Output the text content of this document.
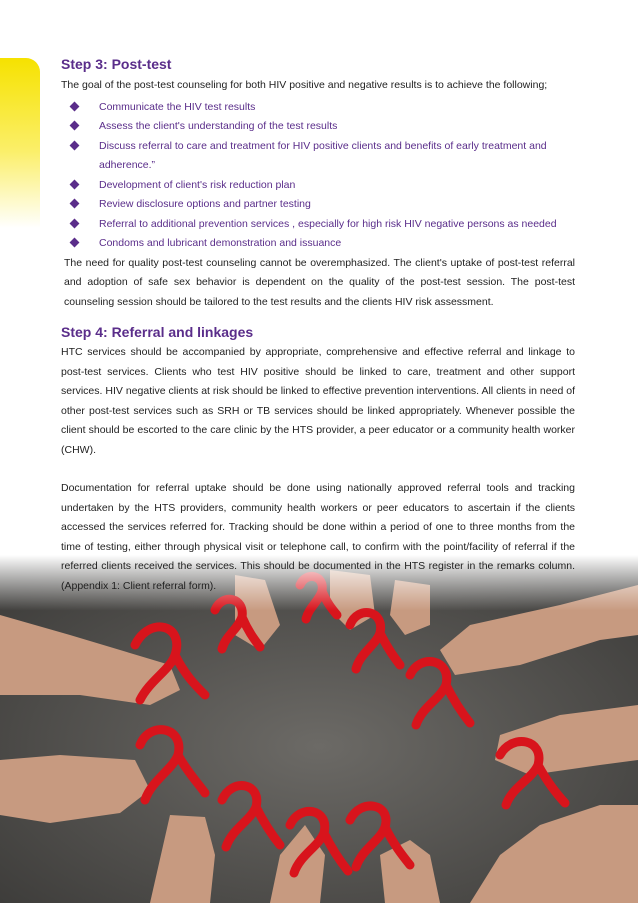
Step 3: Post-test

The goal of the post-test counseling for both HIV positive and negative results is to achieve the following;

Communicate the HIV test results
Assess the client's understanding of the test results
Discuss referral to care and treatment for HIV positive clients and benefits of early treatment and adherence.”
Development of client's risk reduction plan
Review disclosure options and partner testing
Referral to additional prevention services , especially for high risk HIV negative persons as needed
Condoms and lubricant demonstration and issuance

The need for quality post-test counseling cannot be overemphasized. The client's uptake of post-test referral and adoption of safe sex behavior is dependent on the quality of the post-test session. The post-test counseling session should be tailored to the test results and the clients HIV risk assessment.

Step 4: Referral and linkages

HTC services should be accompanied by appropriate, comprehensive and effective referral and linkage to post-test services. Clients who test HIV positive should be linked to care, treatment and other support services. HIV negative clients at risk should be linked to effective prevention interventions. All clients in need of other post-test services such as SRH or TB services should be linked appropriately. Whenever possible the client should be escorted to the care clinic by the HTS provider, a peer educator or a community health worker (CHW).

Documentation for referral uptake should be done using nationally approved referral tools and tracking undertaken by the HTS providers, community health workers or peer educators to ascertain if the clients accessed the services referred for. Tracking should be done within a period of one to three months from the time of testing, either through physical visit or telephone call, to confirm with the point/facility of referral if the referred clients received the services. This should be documented in the HTS register in the remarks column. (Appendix 1: Client referral form).
